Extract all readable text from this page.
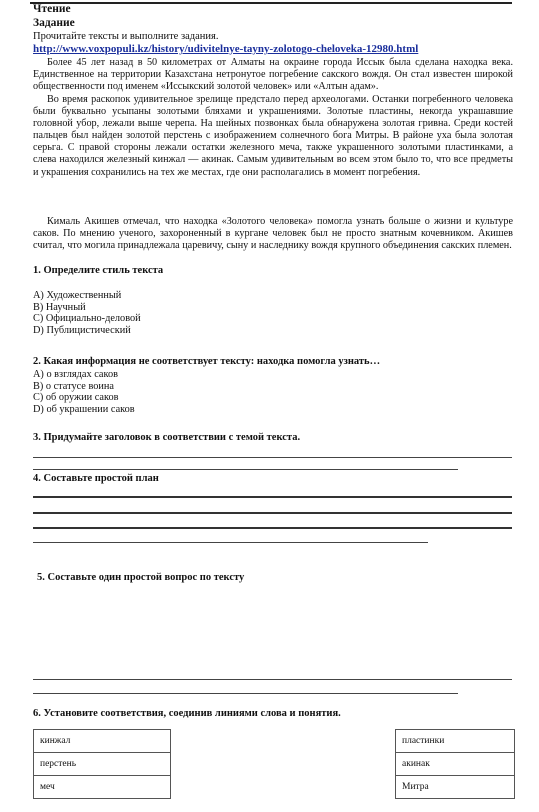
Чтение
Задание
Прочитайте тексты и выполните задания.
http://www.voxpopuli.kz/history/udivitelnye-tayny-zolotogo-cheloveka-12980.html
Более 45 лет назад в 50 километрах от Алматы на окраине города Иссык была сделана находка века. Единственное на территории Казахстана нетронутое погребение сакского вождя. Он стал известен широкой общественности под именем «Иссыкский золотой человек» или «Алтын адам».
Во время раскопок удивительное зрелище предстало перед археологами. Останки погребенного человека были буквально усыпаны золотыми бляхами и украшениями. Золотые пластины, некогда украшавшие головной убор, лежали выше черепа. На шейных позвонках была обнаружена золотая гривна. Среди костей пальцев был найден золотой перстень с изображением солнечного бога Митры. В районе уха была золотая серьга. С правой стороны лежали остатки железного меча, также украшенного золотыми пластинками, а слева находился железный кинжал — акинак. Самым удивительным во всем этом было то, что все предметы и украшения сохранились на тех же местах, где они располагались в момент погребения.
Кималь Акишев отмечал, что находка «Золотого человека» помогла узнать больше о жизни и культуре саков. По мнению ученого, захороненный в кургане человек был не просто знатным кочевником. Акишев считал, что могила принадлежала царевичу, сыну и наследнику вождя крупного объединения сакских племен.
1. Определите стиль текста
А) Художественный
В) Научный
С) Официально-деловой
D) Публицистический
2. Какая информация не соответствует тексту: находка помогла узнать…
А) о взглядах саков
В) о статусе воина
С) об оружии саков
D) об украшении саков
3. Придумайте заголовок в соответствии с темой текста.
4. Составьте простой план
5. Составьте один простой вопрос по тексту
6. Установите соответствия, соединив линиями слова и понятия.
кинжал		пластинки
перстень		акинак
меч		Митра
